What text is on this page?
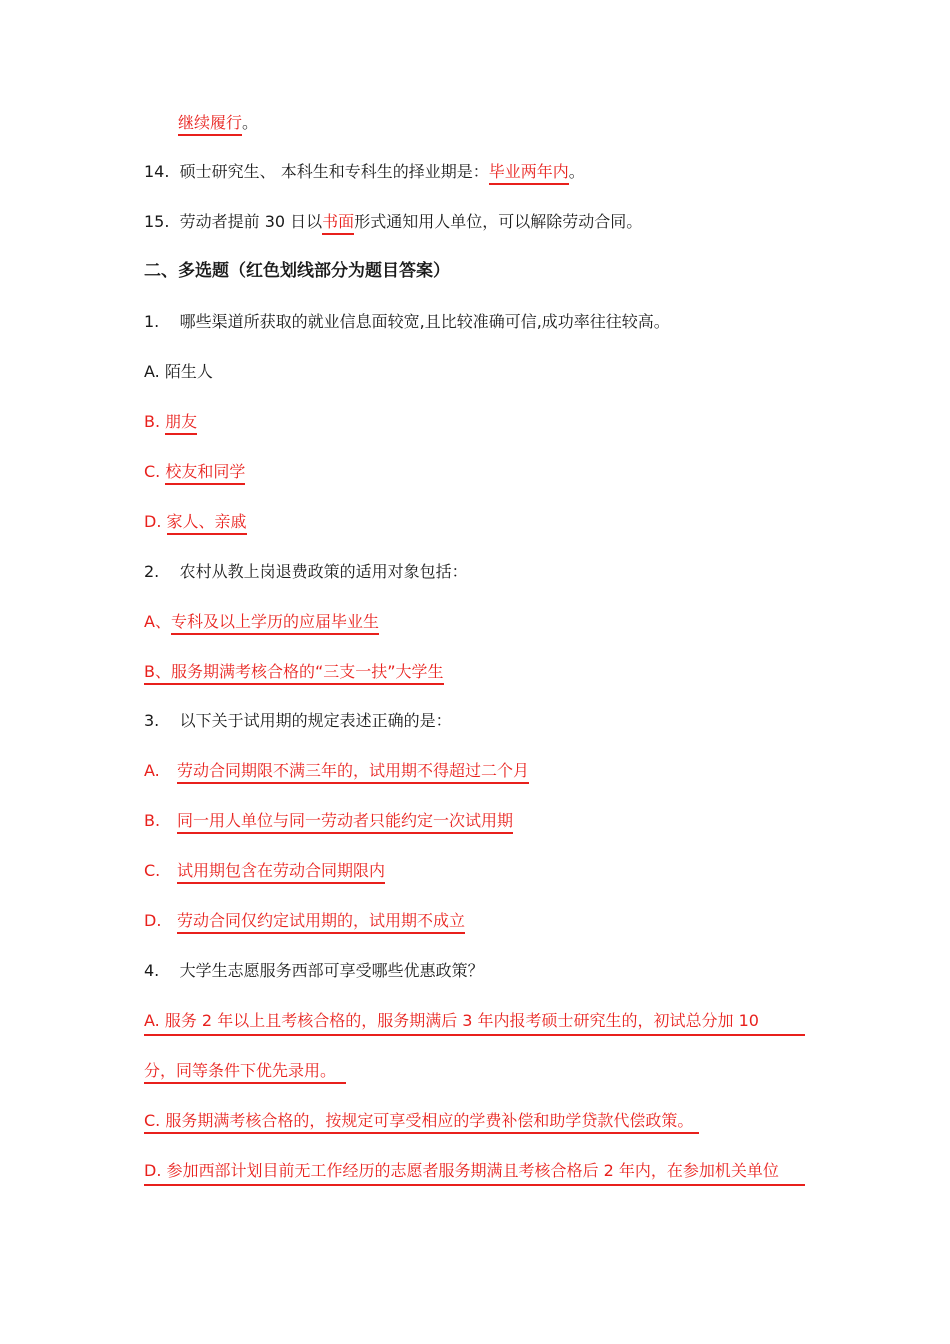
继续履行。
14. 硕士研究生、 本科生和专科生的择业期是：毕业两年内。
15. 劳动者提前 30 日以书面形式通知用人单位，可以解除劳动合同。
二、多选题（红色划线部分为题目答案）
1. 哪些渠道所获取的就业信息面较宽,且比较准确可信,成功率往往较高。
A. 陌生人
B. 朋友
C. 校友和同学
D. 家人、亲戚
2. 农村从教上岗退费政策的适用对象包括：
A、专科及以上学历的应届毕业生
B、服务期满考核合格的“三支一扶”大学生
3. 以下关于试用期的规定表述正确的是：
A. 劳动合同期限不满三年的，试用期不得超过二个月
B. 同一用人单位与同一劳动者只能约定一次试用期
C. 试用期包含在劳动合同期限内
D. 劳动合同仅约定试用期的，试用期不成立
4. 大学生志愿服务西部可享受哪些优惠政策？
A. 服务 2 年以上且考核合格的，服务期满后 3 年内报考硕士研究生的，初试总分加 10
分，同等条件下优先录用。
C. 服务期满考核合格的，按规定可享受相应的学费补偿和助学贷款代偿政策。
D. 参加西部计划目前无工作经历的志愿者服务期满且考核合格后 2 年内，在参加机关单位
